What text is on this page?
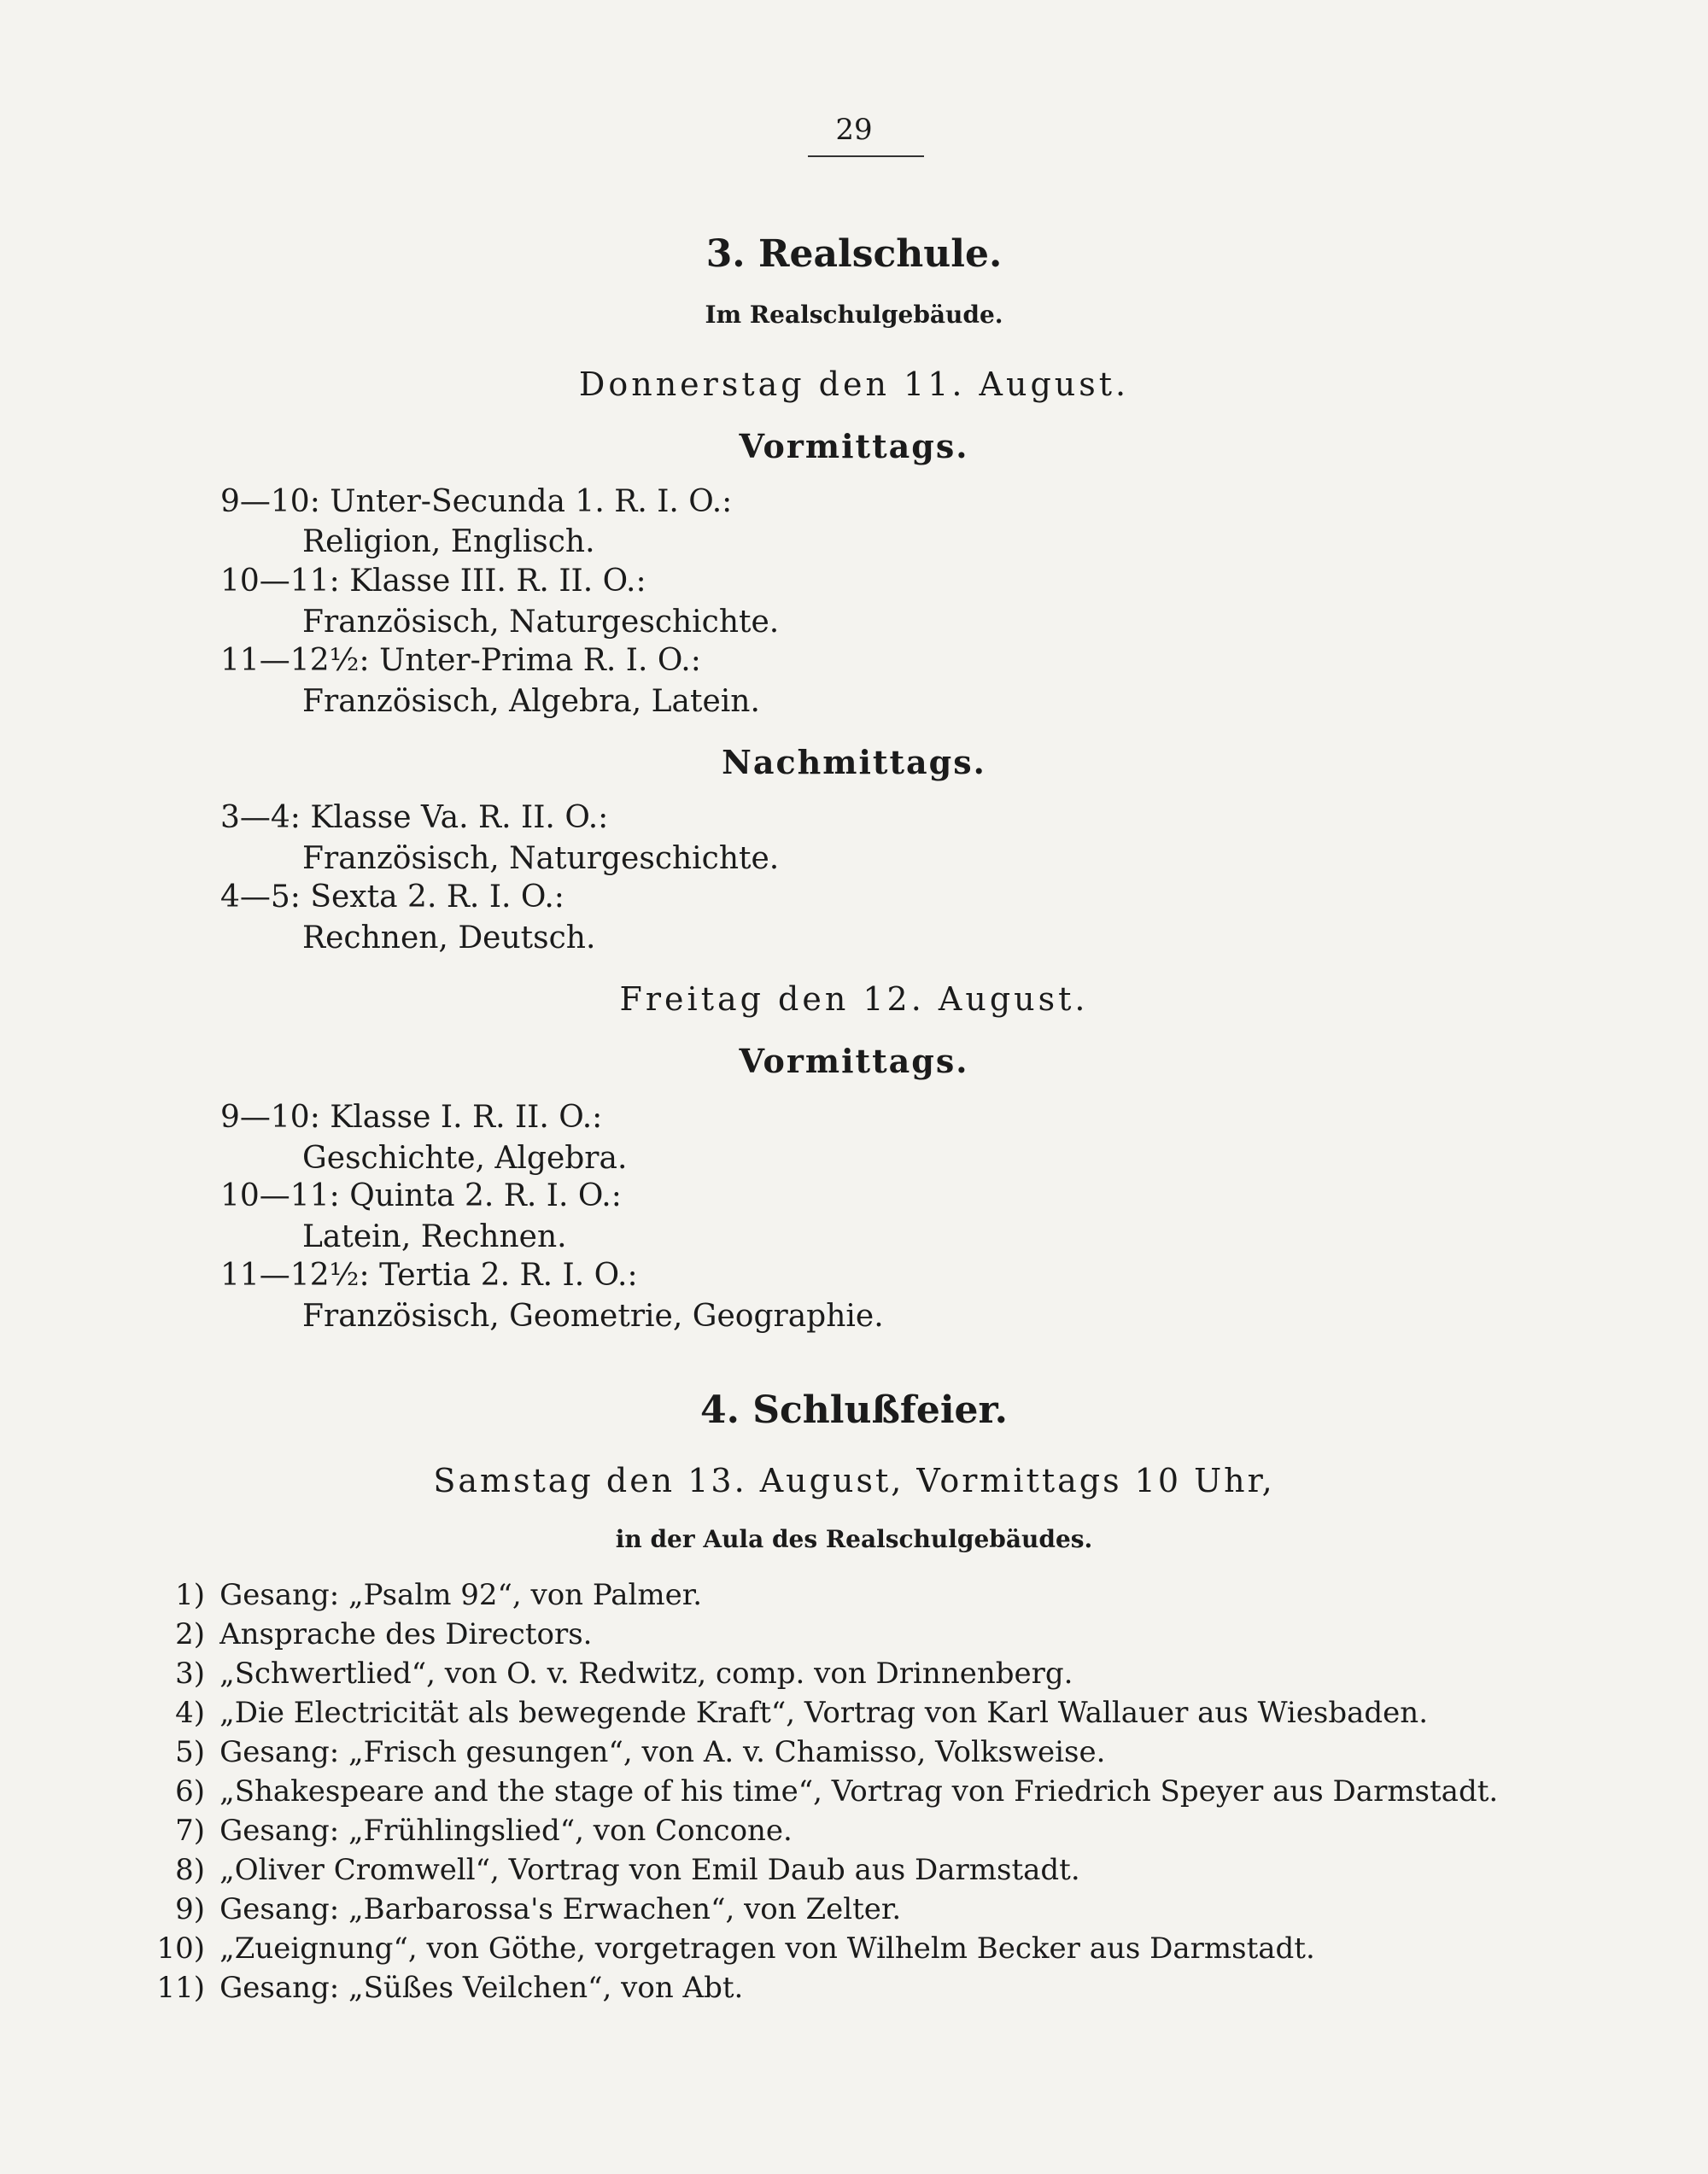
29
3. Realschule.
Im Realschulgebäude.
Donnerstag den 11. August.
Vormittags.
9—10: Unter-Secunda 1. R. I. O.:
Religion, Englisch.
10—11: Klasse III. R. II. O.:
Französisch, Naturgeschichte.
11—12½: Unter-Prima R. I. O.:
Französisch, Algebra, Latein.
Nachmittags.
3—4: Klasse Va. R. II. O.:
Französisch, Naturgeschichte.
4—5: Sexta 2. R. I. O.:
Rechnen, Deutsch.
Freitag den 12. August.
Vormittags.
9—10: Klasse I. R. II. O.:
Geschichte, Algebra.
10—11: Quinta 2. R. I. O.:
Latein, Rechnen.
11—12½: Tertia 2. R. I. O.:
Französisch, Geometrie, Geographie.
4. Schlußfeier.
Samstag den 13. August, Vormittags 10 Uhr,
in der Aula des Realschulgebäudes.
1) Gesang: „Psalm 92“, von Palmer.
2) Ansprache des Directors.
3) „Schwertlied“, von O. v. Redwitz, comp. von Drinnenberg.
4) „Die Electricität als bewegende Kraft“, Vortrag von Karl Wallauer aus Wiesbaden.
5) Gesang: „Frisch gesungen“, von A. v. Chamisso, Volksweise.
6) „Shakespeare and the stage of his time“, Vortrag von Friedrich Speyer aus Darmstadt.
7) Gesang: „Frühlingslied“, von Concone.
8) „Oliver Cromwell“, Vortrag von Emil Daub aus Darmstadt.
9) Gesang: „Barbarossa's Erwachen“, von Zelter.
10) „Zueignung“, von Göthe, vorgetragen von Wilhelm Becker aus Darmstadt.
11) Gesang: „Süßes Veilchen“, von Abt.
